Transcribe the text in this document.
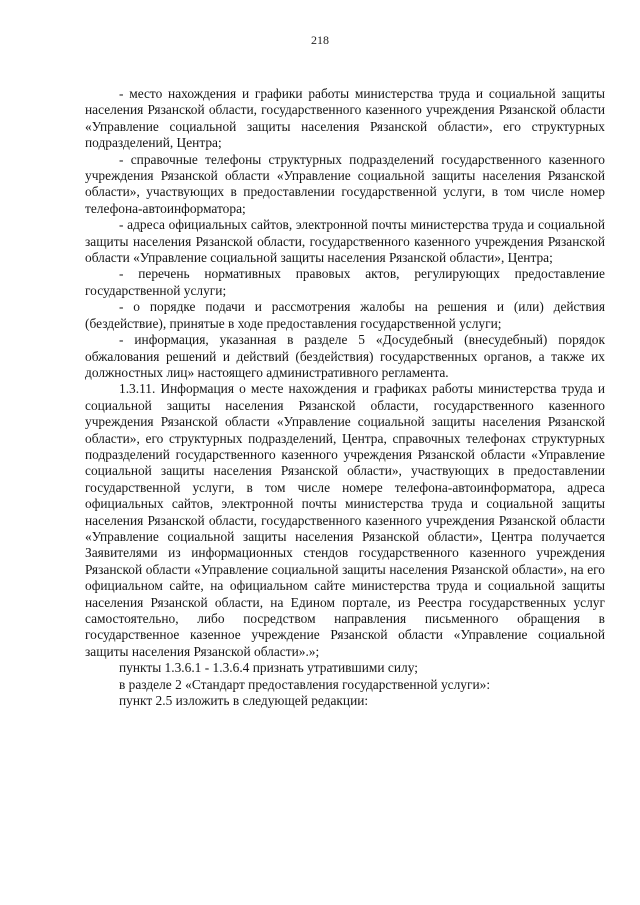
218

- место нахождения и графики работы министерства труда и социальной защиты населения Рязанской области, государственного казенного учреждения Рязанской области «Управление социальной защиты населения Рязанской области», его структурных подразделений, Центра;

- справочные телефоны структурных подразделений государственного казенного учреждения Рязанской области «Управление социальной защиты населения Рязанской области», участвующих в предоставлении государственной услуги, в том числе номер телефона-автоинформатора;

- адреса официальных сайтов, электронной почты министерства труда и социальной защиты населения Рязанской области, государственного казенного учреждения Рязанской области «Управление социальной защиты населения Рязанской области», Центра;

- перечень нормативных правовых актов, регулирующих предоставление государственной услуги;

- о порядке подачи и рассмотрения жалобы на решения и (или) действия (бездействие), принятые в ходе предоставления государственной услуги;

- информация, указанная в разделе 5 «Досудебный (внесудебный) порядок обжалования решений и действий (бездействия) государственных органов, а также их должностных лиц» настоящего административного регламента.

1.3.11. Информация о месте нахождения и графиках работы министерства труда и социальной защиты населения Рязанской области, государственного казенного учреждения Рязанской области «Управление социальной защиты населения Рязанской области», его структурных подразделений, Центра, справочных телефонах структурных подразделений государственного казенного учреждения Рязанской области «Управление социальной защиты населения Рязанской области», участвующих в предоставлении государственной услуги, в том числе номере телефона-автоинформатора, адреса официальных сайтов, электронной почты министерства труда и социальной защиты населения Рязанской области, государственного казенного учреждения Рязанской области «Управление социальной защиты населения Рязанской области», Центра получается Заявителями из информационных стендов государственного казенного учреждения Рязанской области «Управление социальной защиты населения Рязанской области», на его официальном сайте, на официальном сайте министерства труда и социальной защиты населения Рязанской области, на Едином портале, из Реестра государственных услуг самостоятельно, либо посредством направления письменного обращения в государственное казенное учреждение Рязанской области «Управление социальной защиты населения Рязанской области».»;

пункты 1.3.6.1 - 1.3.6.4 признать утратившими силу;

в разделе 2 «Стандарт предоставления государственной услуги»:

пункт 2.5 изложить в следующей редакции:
